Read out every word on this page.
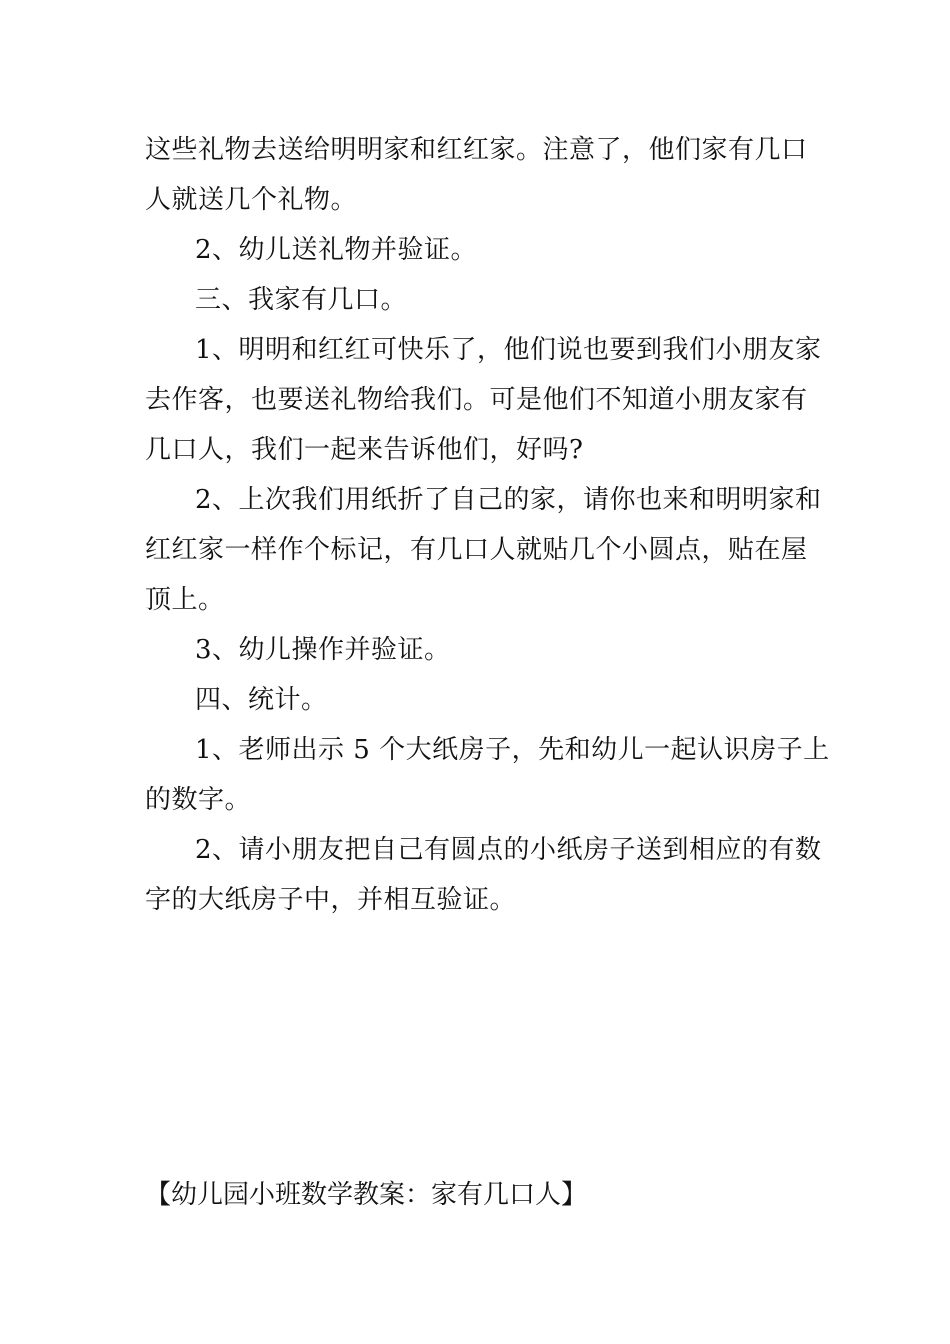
这些礼物去送给明明家和红红家。注意了，他们家有几口
人就送几个礼物。
2、幼儿送礼物并验证。
三、我家有几口。
1、明明和红红可快乐了，他们说也要到我们小朋友家
去作客，也要送礼物给我们。可是他们不知道小朋友家有
几口人，我们一起来告诉他们，好吗?
2、上次我们用纸折了自己的家，请你也来和明明家和
红红家一样作个标记，有几口人就贴几个小圆点，贴在屋
顶上。
3、幼儿操作并验证。
四、统计。
1、老师出示 5 个大纸房子，先和幼儿一起认识房子上
的数字。
2、请小朋友把自己有圆点的小纸房子送到相应的有数
字的大纸房子中，并相互验证。
【幼儿园小班数学教案：家有几口人】
